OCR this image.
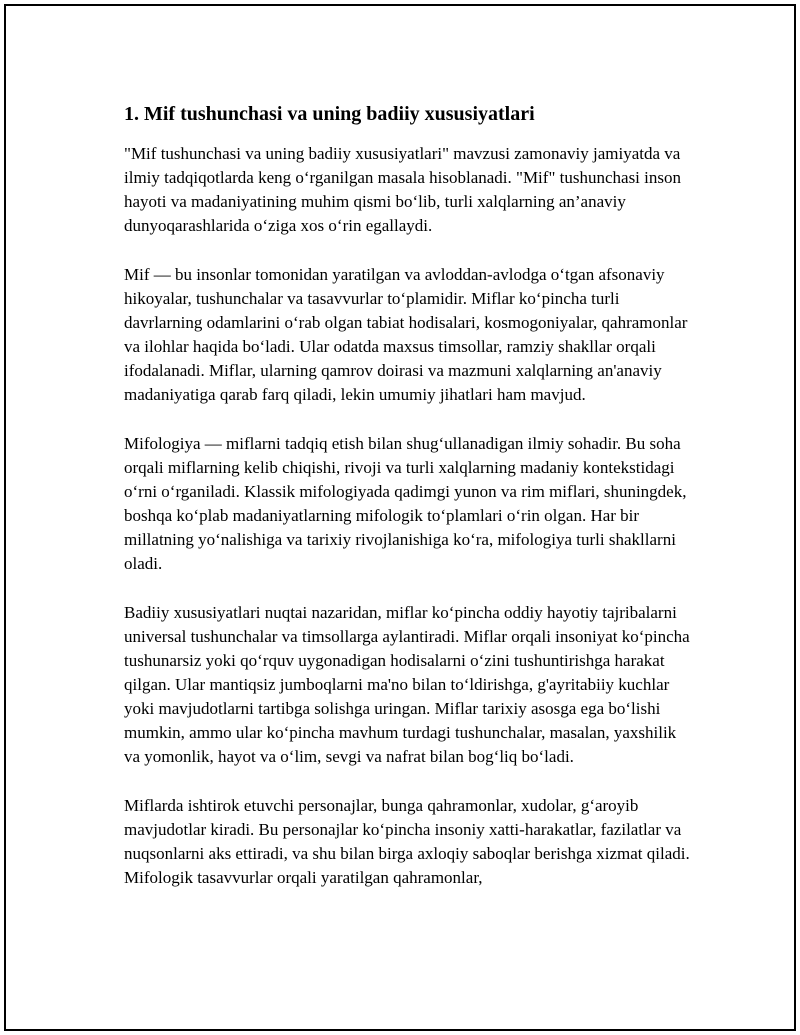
1. Mif tushunchasi va uning badiiy xususiyatlari

"Mif tushunchasi va uning badiiy xususiyatlari" mavzusi zamonaviy jamiyatda va ilmiy tadqiqotlarda keng o‘rganilgan masala hisoblanadi. "Mif" tushunchasi inson hayoti va madaniyatining muhim qismi bo‘lib, turli xalqlarning an’anaviy dunyoqarashlarida o‘ziga xos o‘rin egallaydi.

Mif — bu insonlar tomonidan yaratilgan va avloddan-avlodga o‘tgan afsonaviy hikoyalar, tushunchalar va tasavvurlar to‘plamidir. Miflar ko‘pincha turli davrlarning odamlarini o‘rab olgan tabiat hodisalari, kosmogoniyalar, qahramonlar va ilohlar haqida bo‘ladi. Ular odatda maxsus timsollar, ramziy shakllar orqali ifodalanadi. Miflar, ularning qamrov doirasi va mazmuni xalqlarning an'anaviy madaniyatiga qarab farq qiladi, lekin umumiy jihatlari ham mavjud.

Mifologiya — miflarni tadqiq etish bilan shug‘ullanadigan ilmiy sohadir. Bu soha orqali miflarning kelib chiqishi, rivoji va turli xalqlarning madaniy kontekstidagi o‘rni o‘rganiladi. Klassik mifologiyada qadimgi yunon va rim miflari, shuningdek, boshqa ko‘plab madaniyatlarning mifologik to‘plamlari o‘rin olgan. Har bir millatning yo‘nalishiga va tarixiy rivojlanishiga ko‘ra, mifologiya turli shakllarni oladi.

Badiiy xususiyatlari nuqtai nazaridan, miflar ko‘pincha oddiy hayotiy tajribalarni universal tushunchalar va timsollarga aylantiradi. Miflar orqali insoniyat ko‘pincha tushunarsiz yoki qo‘rquv uygonadigan hodisalarni o‘zini tushuntirishga harakat qilgan. Ular mantiqsiz jumboqlarni ma'no bilan to‘ldirishga, g'ayritabiiy kuchlar yoki mavjudotlarni tartibga solishga uringan. Miflar tarixiy asosga ega bo‘lishi mumkin, ammo ular ko‘pincha mavhum turdagi tushunchalar, masalan, yaxshilik va yomonlik, hayot va o‘lim, sevgi va nafrat bilan bog‘liq bo‘ladi.

Miflarda ishtirok etuvchi personajlar, bunga qahramonlar, xudolar, g‘aroyib mavjudotlar kiradi. Bu personajlar ko‘pincha insoniy xatti-harakatlar, fazilatlar va nuqsonlarni aks ettiradi, va shu bilan birga axloqiy saboqlar berishga xizmat qiladi. Mifologik tasavvurlar orqali yaratilgan qahramonlar,
